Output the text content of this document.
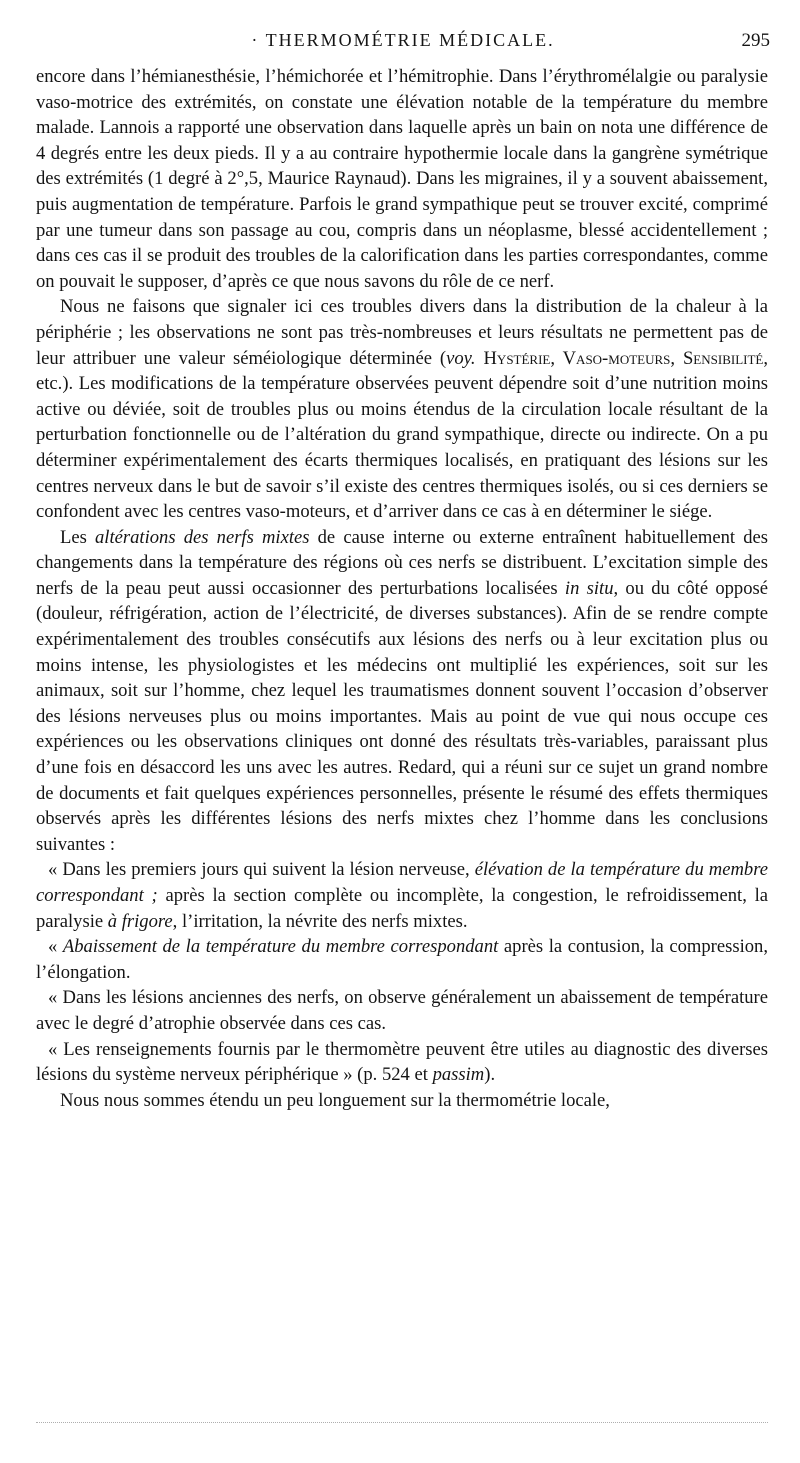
· THERMOMÉTRIE MÉDICALE.	295

encore dans l’hémianesthésie, l’hémichorée et l’hémitrophie. Dans l’érythromélalgie ou paralysie vaso-motrice des extrémités, on constate une élévation notable de la température du membre malade. Lannois a rapporté une observation dans laquelle après un bain on nota une différence de 4 degrés entre les deux pieds. Il y a au contraire hypothermie locale dans la gangrène symétrique des extrémités (1 degré à 2°,5, Maurice Raynaud). Dans les migraines, il y a souvent abaissement, puis augmentation de température. Parfois le grand sympathique peut se trouver excité, comprimé par une tumeur dans son passage au cou, compris dans un néoplasme, blessé accidentellement ; dans ces cas il se produit des troubles de la calorification dans les parties correspondantes, comme on pouvait le supposer, d’après ce que nous savons du rôle de ce nerf.

Nous ne faisons que signaler ici ces troubles divers dans la distribution de la chaleur à la périphérie ; les observations ne sont pas très-nombreuses et leurs résultats ne permettent pas de leur attribuer une valeur séméiologique déterminée (voy. Hystérie, Vaso-moteurs, Sensibilité, etc.). Les modifications de la température observées peuvent dépendre soit d’une nutrition moins active ou déviée, soit de troubles plus ou moins étendus de la circulation locale résultant de la perturbation fonctionnelle ou de l’altération du grand sympathique, directe ou indirecte. On a pu déterminer expérimentalement des écarts thermiques localisés, en pratiquant des lésions sur les centres nerveux dans le but de savoir s’il existe des centres thermiques isolés, ou si ces derniers se confondent avec les centres vaso-moteurs, et d’arriver dans ce cas à en déterminer le siége.

Les altérations des nerfs mixtes de cause interne ou externe entraînent habituellement des changements dans la température des régions où ces nerfs se distribuent. L’excitation simple des nerfs de la peau peut aussi occasionner des perturbations localisées in situ, ou du côté opposé (douleur, réfrigération, action de l’électricité, de diverses substances). Afin de se rendre compte expérimentalement des troubles consécutifs aux lésions des nerfs ou à leur excitation plus ou moins intense, les physiologistes et les médecins ont multiplié les expériences, soit sur les animaux, soit sur l’homme, chez lequel les traumatismes donnent souvent l’occasion d’observer des lésions nerveuses plus ou moins importantes. Mais au point de vue qui nous occupe ces expériences ou les observations cliniques ont donné des résultats très-variables, paraissant plus d’une fois en désaccord les uns avec les autres. Redard, qui a réuni sur ce sujet un grand nombre de documents et fait quelques expériences personnelles, présente le résumé des effets thermiques observés après les différentes lésions des nerfs mixtes chez l’homme dans les conclusions suivantes :

« Dans les premiers jours qui suivent la lésion nerveuse, élévation de la température du membre correspondant ; après la section complète ou incomplète, la congestion, le refroidissement, la paralysie à frigore, l’irritation, la névrite des nerfs mixtes.

« Abaissement de la température du membre correspondant après la contusion, la compression, l’élongation.

« Dans les lésions anciennes des nerfs, on observe généralement un abaissement de température avec le degré d’atrophie observée dans ces cas.

« Les renseignements fournis par le thermomètre peuvent être utiles au diagnostic des diverses lésions du système nerveux périphérique » (p. 524 et passim).

Nous nous sommes étendu un peu longuement sur la thermométrie locale,
